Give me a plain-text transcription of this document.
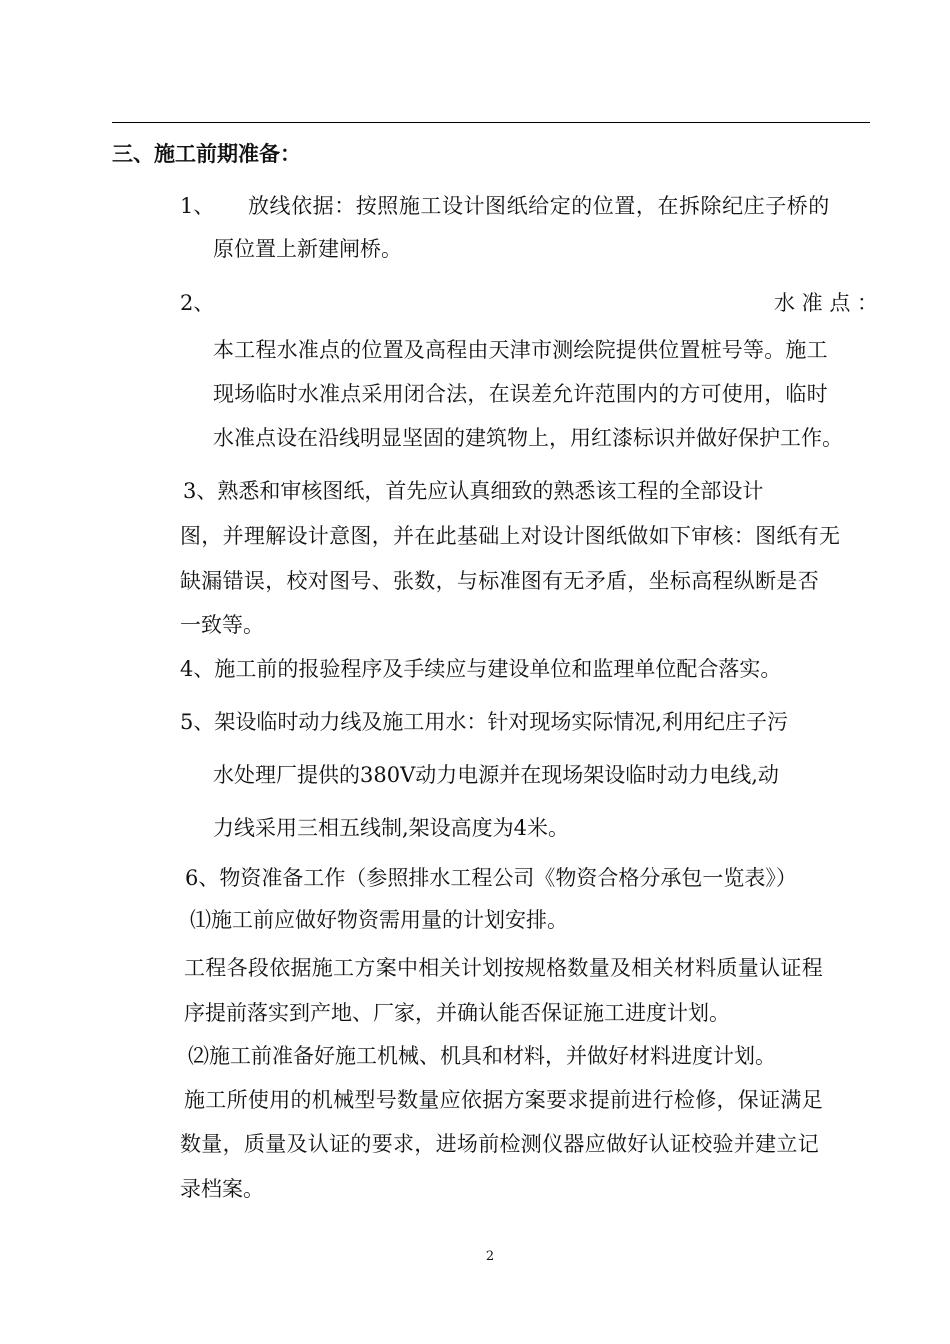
三、施工前期准备：
1、 放线依据：按照施工设计图纸给定的位置，在拆除纪庄子桥的
原位置上新建闸桥。
2、	水 准 点 ：
本工程水准点的位置及高程由天津市测绘院提供位置桩号等。施工
现场临时水准点采用闭合法，在误差允许范围内的方可使用，临时
水准点设在沿线明显坚固的建筑物上，用红漆标识并做好保护工作。
3、熟悉和审核图纸，首先应认真细致的熟悉该工程的全部设计
图，并理解设计意图，并在此基础上对设计图纸做如下审核：图纸有无
缺漏错误，校对图号、张数，与标准图有无矛盾，坐标高程纵断是否
一致等。
4、施工前的报验程序及手续应与建设单位和监理单位配合落实。
5、架设临时动力线及施工用水：针对现场实际情况,利用纪庄子污
水处理厂提供的380V动力电源并在现场架设临时动力电线,动
力线采用三相五线制,架设高度为4米。
6、物资准备工作（参照排水工程公司《物资合格分承包一览表》）
⑴施工前应做好物资需用量的计划安排。
工程各段依据施工方案中相关计划按规格数量及相关材料质量认证程
序提前落实到产地、厂家，并确认能否保证施工进度计划。
⑵施工前准备好施工机械、机具和材料，并做好材料进度计划。
施工所使用的机械型号数量应依据方案要求提前进行检修，保证满足
数量，质量及认证的要求，进场前检测仪器应做好认证校验并建立记
录档案。
2
